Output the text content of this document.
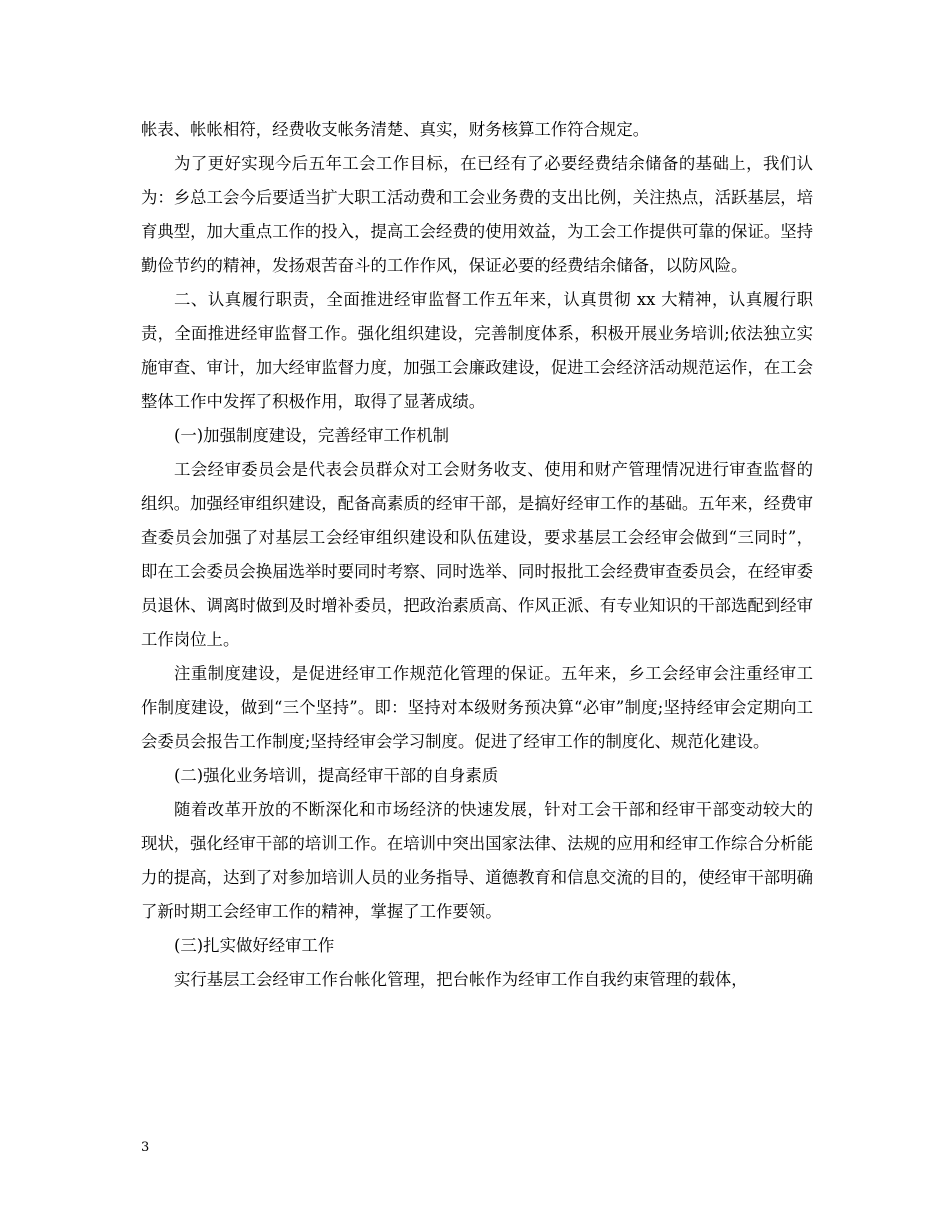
帐表、帐帐相符，经费收支帐务清楚、真实，财务核算工作符合规定。

为了更好实现今后五年工会工作目标，在已经有了必要经费结余储备的基础上，我们认为：乡总工会今后要适当扩大职工活动费和工会业务费的支出比例，关注热点，活跃基层，培育典型，加大重点工作的投入，提高工会经费的使用效益，为工会工作提供可靠的保证。坚持勤俭节约的精神，发扬艰苦奋斗的工作作风，保证必要的经费结余储备，以防风险。

二、认真履行职责，全面推进经审监督工作五年来，认真贯彻 xx 大精神，认真履行职责，全面推进经审监督工作。强化组织建设，完善制度体系，积极开展业务培训;依法独立实施审查、审计，加大经审监督力度，加强工会廉政建设，促进工会经济活动规范运作，在工会整体工作中发挥了积极作用，取得了显著成绩。

(一)加强制度建设，完善经审工作机制

工会经审委员会是代表会员群众对工会财务收支、使用和财产管理情况进行审查监督的组织。加强经审组织建设，配备高素质的经审干部，是搞好经审工作的基础。五年来，经费审查委员会加强了对基层工会经审组织建设和队伍建设，要求基层工会经审会做到“三同时”，即在工会委员会换届选举时要同时考察、同时选举、同时报批工会经费审查委员会，在经审委员退休、调离时做到及时增补委员，把政治素质高、作风正派、有专业知识的干部选配到经审工作岗位上。

注重制度建设，是促进经审工作规范化管理的保证。五年来，乡工会经审会注重经审工作制度建设，做到“三个坚持”。即：坚持对本级财务预决算“必审”制度;坚持经审会定期向工会委员会报告工作制度;坚持经审会学习制度。促进了经审工作的制度化、规范化建设。

(二)强化业务培训，提高经审干部的自身素质

随着改革开放的不断深化和市场经济的快速发展，针对工会干部和经审干部变动较大的现状，强化经审干部的培训工作。在培训中突出国家法律、法规的应用和经审工作综合分析能力的提高，达到了对参加培训人员的业务指导、道德教育和信息交流的目的，使经审干部明确了新时期工会经审工作的精神，掌握了工作要领。

(三)扎实做好经审工作

实行基层工会经审工作台帐化管理，把台帐作为经审工作自我约束管理的载体，

3
